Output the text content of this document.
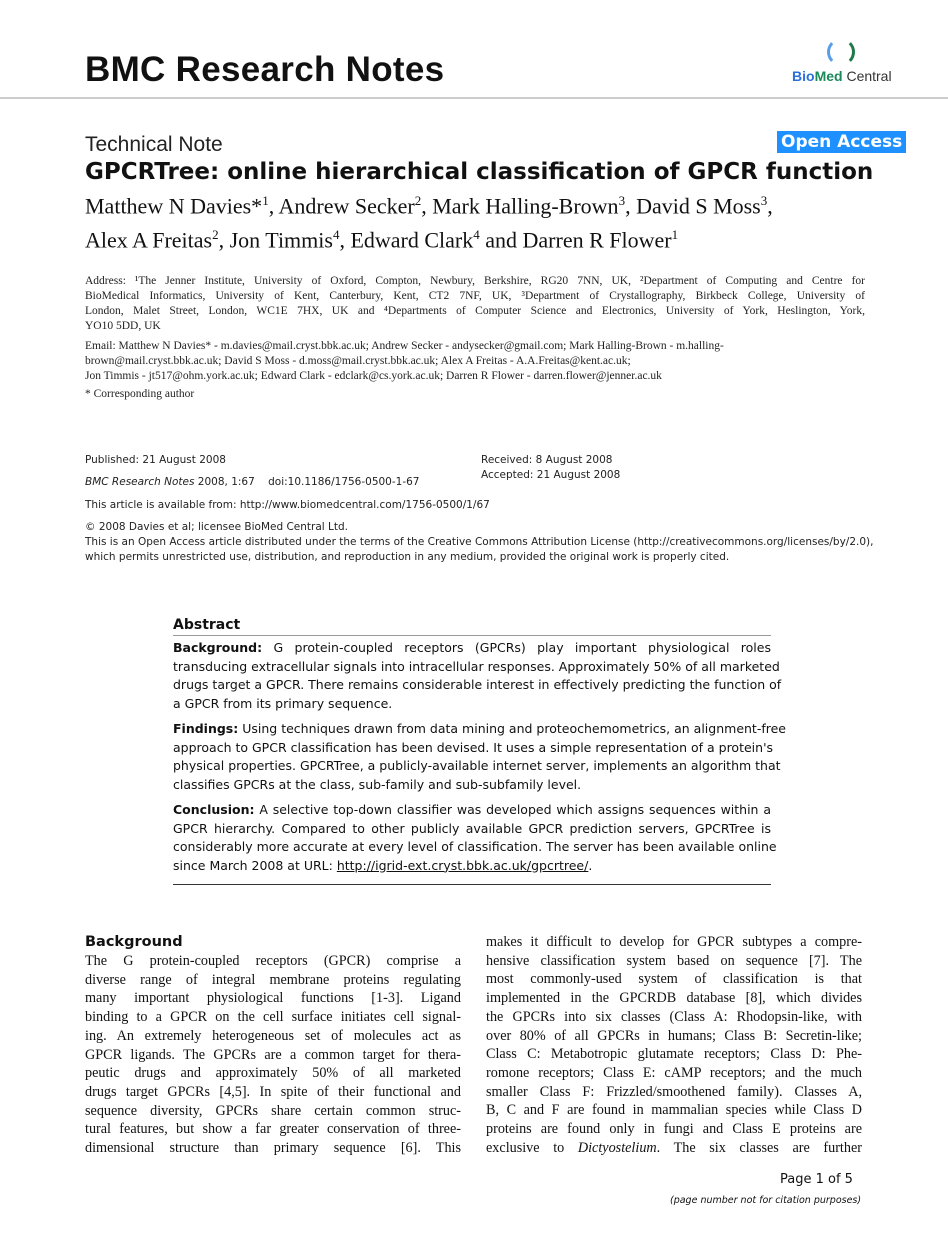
BMC Research Notes	BioMed Central
Technical Note	Open Access
GPCRTree: online hierarchical classification of GPCR function
Matthew N Davies*$^1$, Andrew Secker$^2$, Mark Halling-Brown$^3$, David S Moss$^3$,
Alex A Freitas$^2$, Jon Timmis$^4$, Edward Clark$^4$ and Darren R Flower$^1$
Address: ¹The Jenner Institute, University of Oxford, Compton, Newbury, Berkshire, RG20 7NN, UK, ²Department of Computing and Centre for
BioMedical Informatics, University of Kent, Canterbury, Kent, CT2 7NF, UK, ³Department of Crystallography, Birkbeck College, University of
London, Malet Street, London, WC1E 7HX, UK and ⁴Departments of Computer Science and Electronics, University of York, Heslington, York,
YO10 5DD, UK
Email: Matthew N Davies* - m.davies@mail.cryst.bbk.ac.uk; Andrew Secker - andysecker@gmail.com; Mark Halling-Brown - m.halling-
brown@mail.cryst.bbk.ac.uk; David S Moss - d.moss@mail.cryst.bbk.ac.uk; Alex A Freitas - A.A.Freitas@kent.ac.uk;
Jon Timmis - jt517@ohm.york.ac.uk; Edward Clark - edclark@cs.york.ac.uk; Darren R Flower - darren.flower@jenner.ac.uk
* Corresponding author
Published: 21 August 2008
BMC Research Notes 2008, 1:67    doi:10.1186/1756-0500-1-67
Received: 8 August 2008
Accepted: 21 August 2008
This article is available from: http://www.biomedcentral.com/1756-0500/1/67
© 2008 Davies et al; licensee BioMed Central Ltd.
This is an Open Access article distributed under the terms of the Creative Commons Attribution License (http://creativecommons.org/licenses/by/2.0),
which permits unrestricted use, distribution, and reproduction in any medium, provided the original work is properly cited.
Abstract
Background: G protein-coupled receptors (GPCRs) play important physiological roles
transducing extracellular signals into intracellular responses. Approximately 50% of all marketed
drugs target a GPCR. There remains considerable interest in effectively predicting the function of
a GPCR from its primary sequence.
Findings: Using techniques drawn from data mining and proteochemometrics, an alignment-free
approach to GPCR classification has been devised. It uses a simple representation of a protein's
physical properties. GPCRTree, a publicly-available internet server, implements an algorithm that
classifies GPCRs at the class, sub-family and sub-subfamily level.
Conclusion: A selective top-down classifier was developed which assigns sequences within a
GPCR hierarchy. Compared to other publicly available GPCR prediction servers, GPCRTree is
considerably more accurate at every level of classification. The server has been available online
since March 2008 at URL: http://igrid-ext.cryst.bbk.ac.uk/gpcrtree/.
Background
The G protein-coupled receptors (GPCR) comprise a
diverse range of integral membrane proteins regulating
many important physiological functions [1-3]. Ligand
binding to a GPCR on the cell surface initiates cell signal-
ing. An extremely heterogeneous set of molecules act as
GPCR ligands. The GPCRs are a common target for thera-
peutic drugs and approximately 50% of all marketed
drugs target GPCRs [4,5]. In spite of their functional and
sequence diversity, GPCRs share certain common struc-
tural features, but show a far greater conservation of three-
dimensional structure than primary sequence [6]. This
makes it difficult to develop for GPCR subtypes a compre-
hensive classification system based on sequence [7]. The
most commonly-used system of classification is that
implemented in the GPCRDB database [8], which divides
the GPCRs into six classes (Class A: Rhodopsin-like, with
over 80% of all GPCRs in humans; Class B: Secretin-like;
Class C: Metabotropic glutamate receptors; Class D: Phe-
romone receptors; Class E: cAMP receptors; and the much
smaller Class F: Frizzled/smoothened family). Classes A,
B, C and F are found in mammalian species while Class D
proteins are found only in fungi and Class E proteins are
exclusive to Dictyostelium. The six classes are further
Page 1 of 5
(page number not for citation purposes)
